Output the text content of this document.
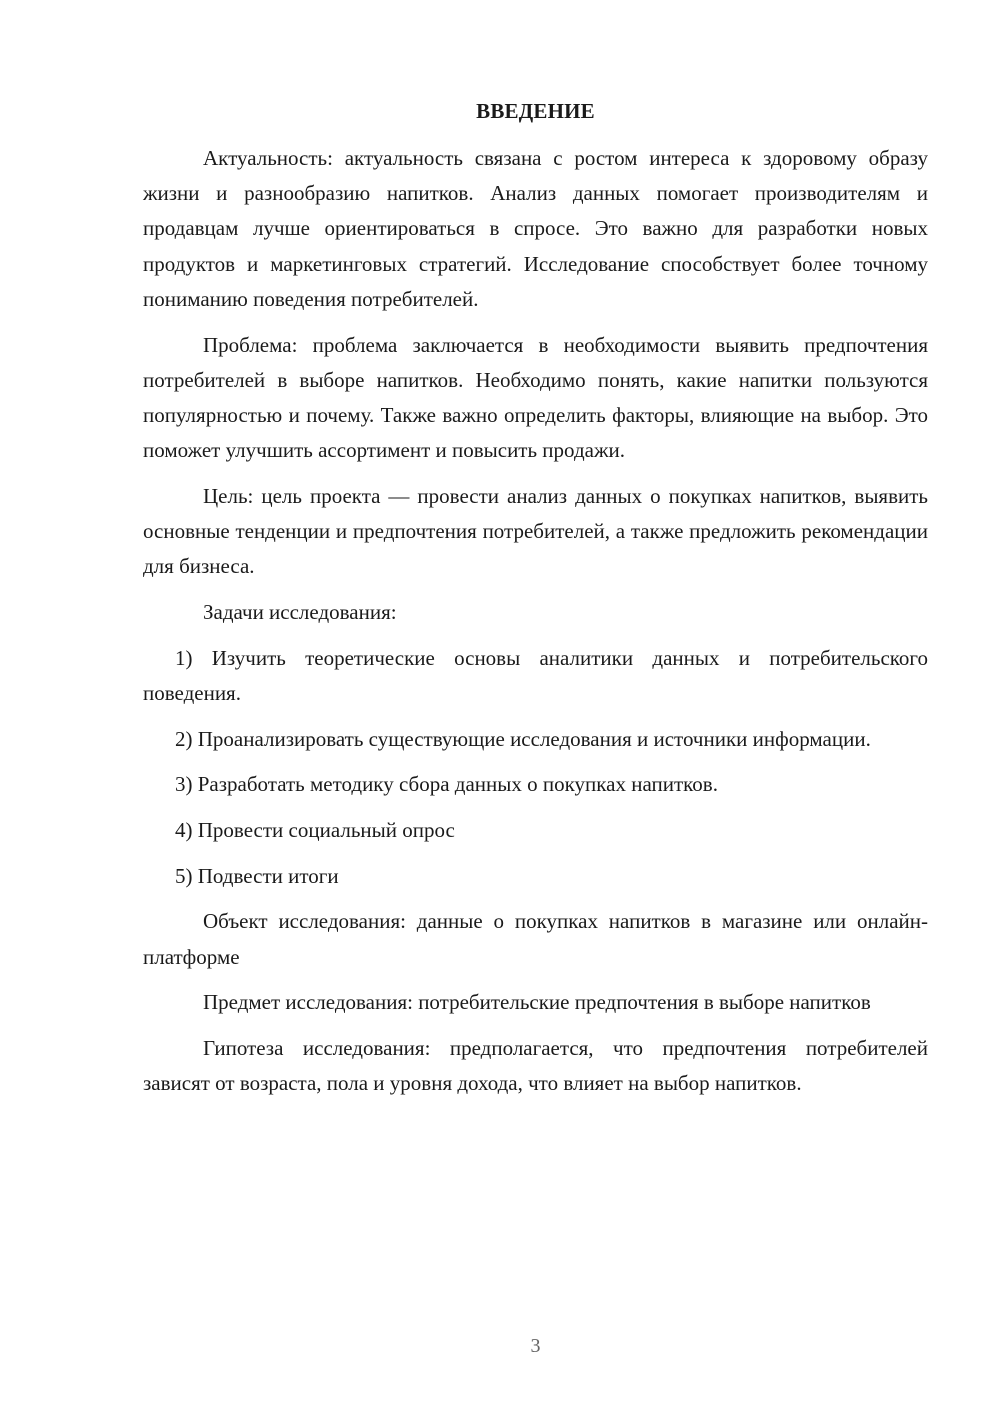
ВВЕДЕНИЕ

Актуальность: актуальность связана с ростом интереса к здоровому образу жизни и разнообразию напитков. Анализ данных помогает производителям и продавцам лучше ориентироваться в спросе. Это важно для разработки новых продуктов и маркетинговых стратегий. Исследование способствует более точному пониманию поведения потребителей.

Проблема: проблема заключается в необходимости выявить предпочтения потребителей в выборе напитков. Необходимо понять, какие напитки пользуются популярностью и почему. Также важно определить факторы, влияющие на выбор. Это поможет улучшить ассортимент и повысить продажи.

Цель: цель проекта — провести анализ данных о покупках напитков, выявить основные тенденции и предпочтения потребителей, а также предложить рекомендации для бизнеса.

Задачи исследования:

1) Изучить теоретические основы аналитики данных и потребительского поведения.

2) Проанализировать существующие исследования и источники информации.

3) Разработать методику сбора данных о покупках напитков.

4) Провести социальный опрос

5) Подвести итоги

Объект исследования: данные о покупках напитков в магазине или онлайн-платформе

Предмет исследования: потребительские предпочтения в выборе напитков

Гипотеза исследования: предполагается, что предпочтения потребителей зависят от возраста, пола и уровня дохода, что влияет на выбор напитков.

3
